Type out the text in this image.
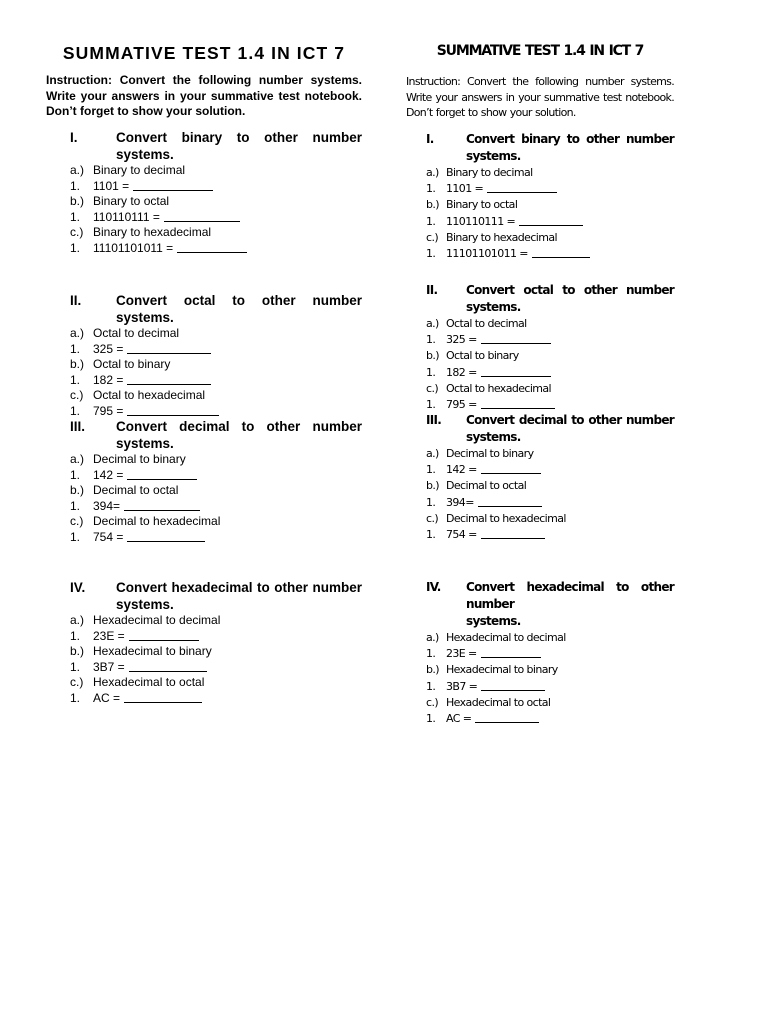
SUMMATIVE TEST 1.4 IN ICT 7
Instruction: Convert the following number systems. Write your answers in your summative test notebook. Don’t forget to show your solution.
I.	Convert binary to other number
systems.
a.) Binary to decimal
1.	1101 =
b.) Binary to octal
1.	110110111 =
c.) Binary to hexadecimal
1.	11101101011 =
II.	Convert octal to other number systems.
a.) Octal to decimal
1.	325 =
b.) Octal to binary
1.	182 =
c.) Octal to hexadecimal
1.	795 =
III.	Convert decimal to other number
systems.
a.) Decimal to binary
1.	142 =
b.) Decimal to octal
1.	394=
c.) Decimal to hexadecimal
1.	754 =
IV.	Convert hexadecimal to other number
systems.
a.) Hexadecimal to decimal
1.	23E =
b.) Hexadecimal to binary
1.	3B7 =
c.) Hexadecimal to octal
1.	AC =
SUMMATIVE TEST 1.4 IN ICT 7
Instruction: Convert the following number systems. Write your answers in your summative test notebook. Don’t forget to show your solution.
I.	Convert binary to other number systems.
a.) Binary to decimal
1. 1101 =
b.) Binary to octal
1. 110110111 =
c.) Binary to hexadecimal
1. 11101101011 =
II.	Convert octal to other number systems.
a.) Octal to decimal
1. 325 =
b.) Octal to binary
1. 182 =
c.) Octal to hexadecimal
1. 795 =
III.	Convert decimal to other number
systems.
a.) Decimal to binary
1. 142 =
b.) Decimal to octal
1. 394=
c.) Decimal to hexadecimal
1. 754 =
IV.	Convert hexadecimal to other number
systems.
a.) Hexadecimal to decimal
1. 23E =
b.) Hexadecimal to binary
1. 3B7 =
c.) Hexadecimal to octal
1. AC =
